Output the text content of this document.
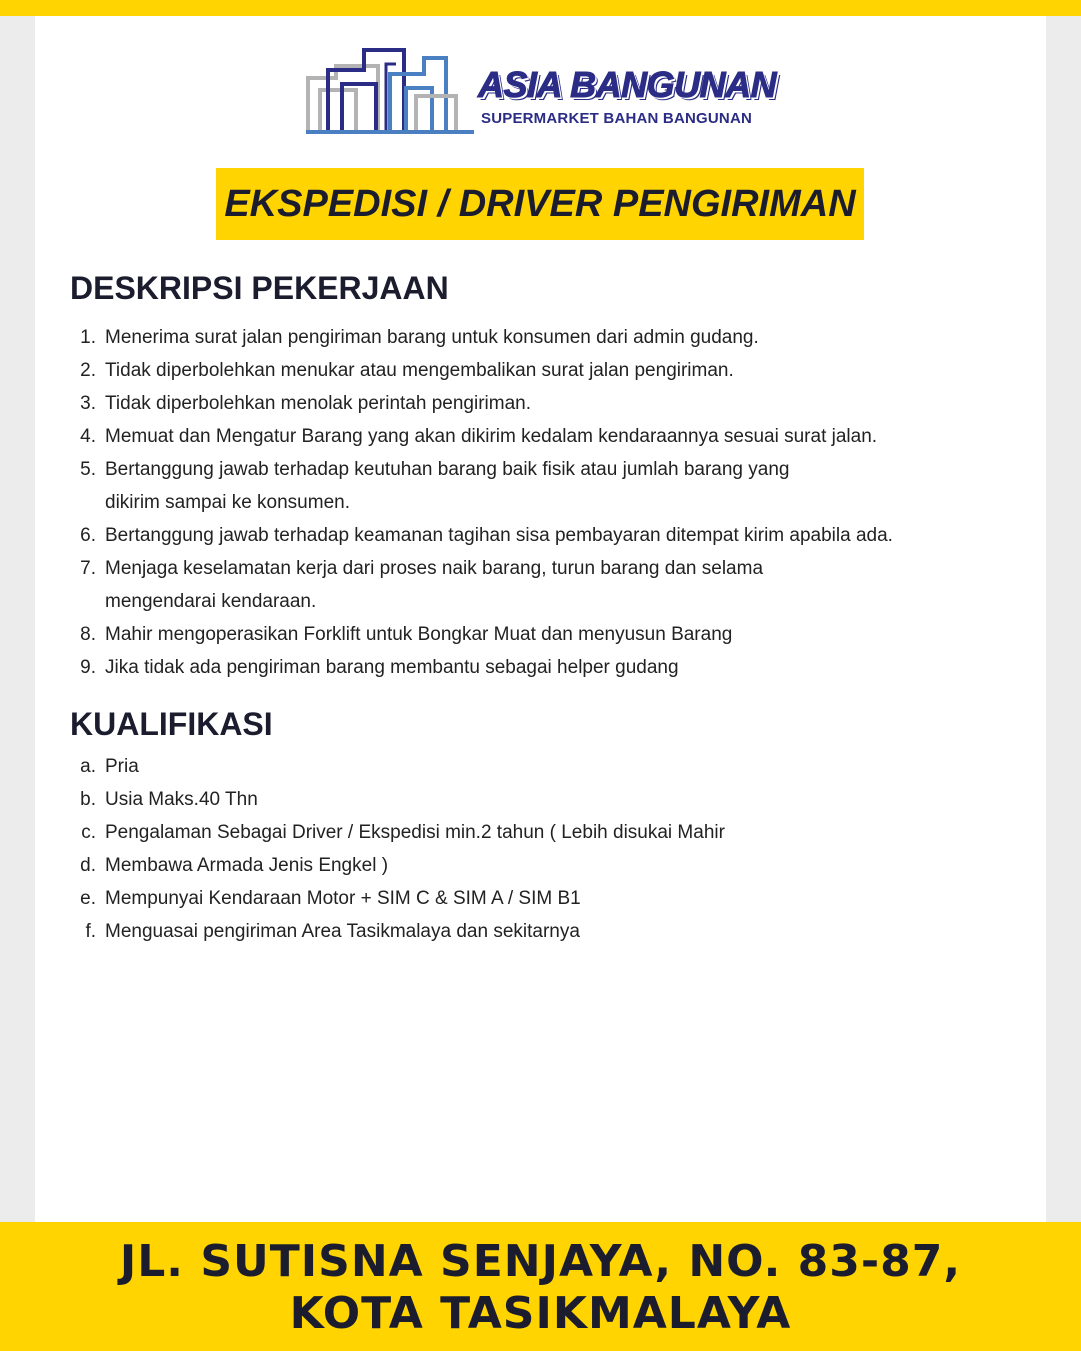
ASIA BANGUNAN
SUPERMARKET BAHAN BANGUNAN
EKSPEDISI / DRIVER PENGIRIMAN
DESKRIPSI PEKERJAAN
1. Menerima surat jalan pengiriman barang untuk konsumen dari admin gudang.
2. Tidak diperbolehkan menukar atau mengembalikan surat jalan pengiriman.
3. Tidak diperbolehkan menolak perintah pengiriman.
4. Memuat dan Mengatur Barang yang akan dikirim kedalam kendaraannya sesuai surat jalan.
5. Bertanggung jawab terhadap keutuhan barang baik fisik atau jumlah barang yang
dikirim sampai ke konsumen.
6. Bertanggung jawab terhadap keamanan tagihan sisa pembayaran ditempat kirim apabila ada.
7. Menjaga keselamatan kerja dari proses naik barang, turun barang dan selama
mengendarai kendaraan.
8. Mahir mengoperasikan Forklift untuk Bongkar Muat dan menyusun Barang
9. Jika tidak ada pengiriman barang membantu sebagai helper gudang
KUALIFIKASI
a. Pria
b. Usia Maks.40 Thn
c. Pengalaman Sebagai Driver / Ekspedisi min.2 tahun ( Lebih disukai Mahir
d. Membawa Armada Jenis Engkel )
e. Mempunyai Kendaraan Motor + SIM C & SIM A / SIM B1
f. Menguasai pengiriman Area Tasikmalaya dan sekitarnya
JL. SUTISNA SENJAYA, NO. 83-87,
KOTA TASIKMALAYA
